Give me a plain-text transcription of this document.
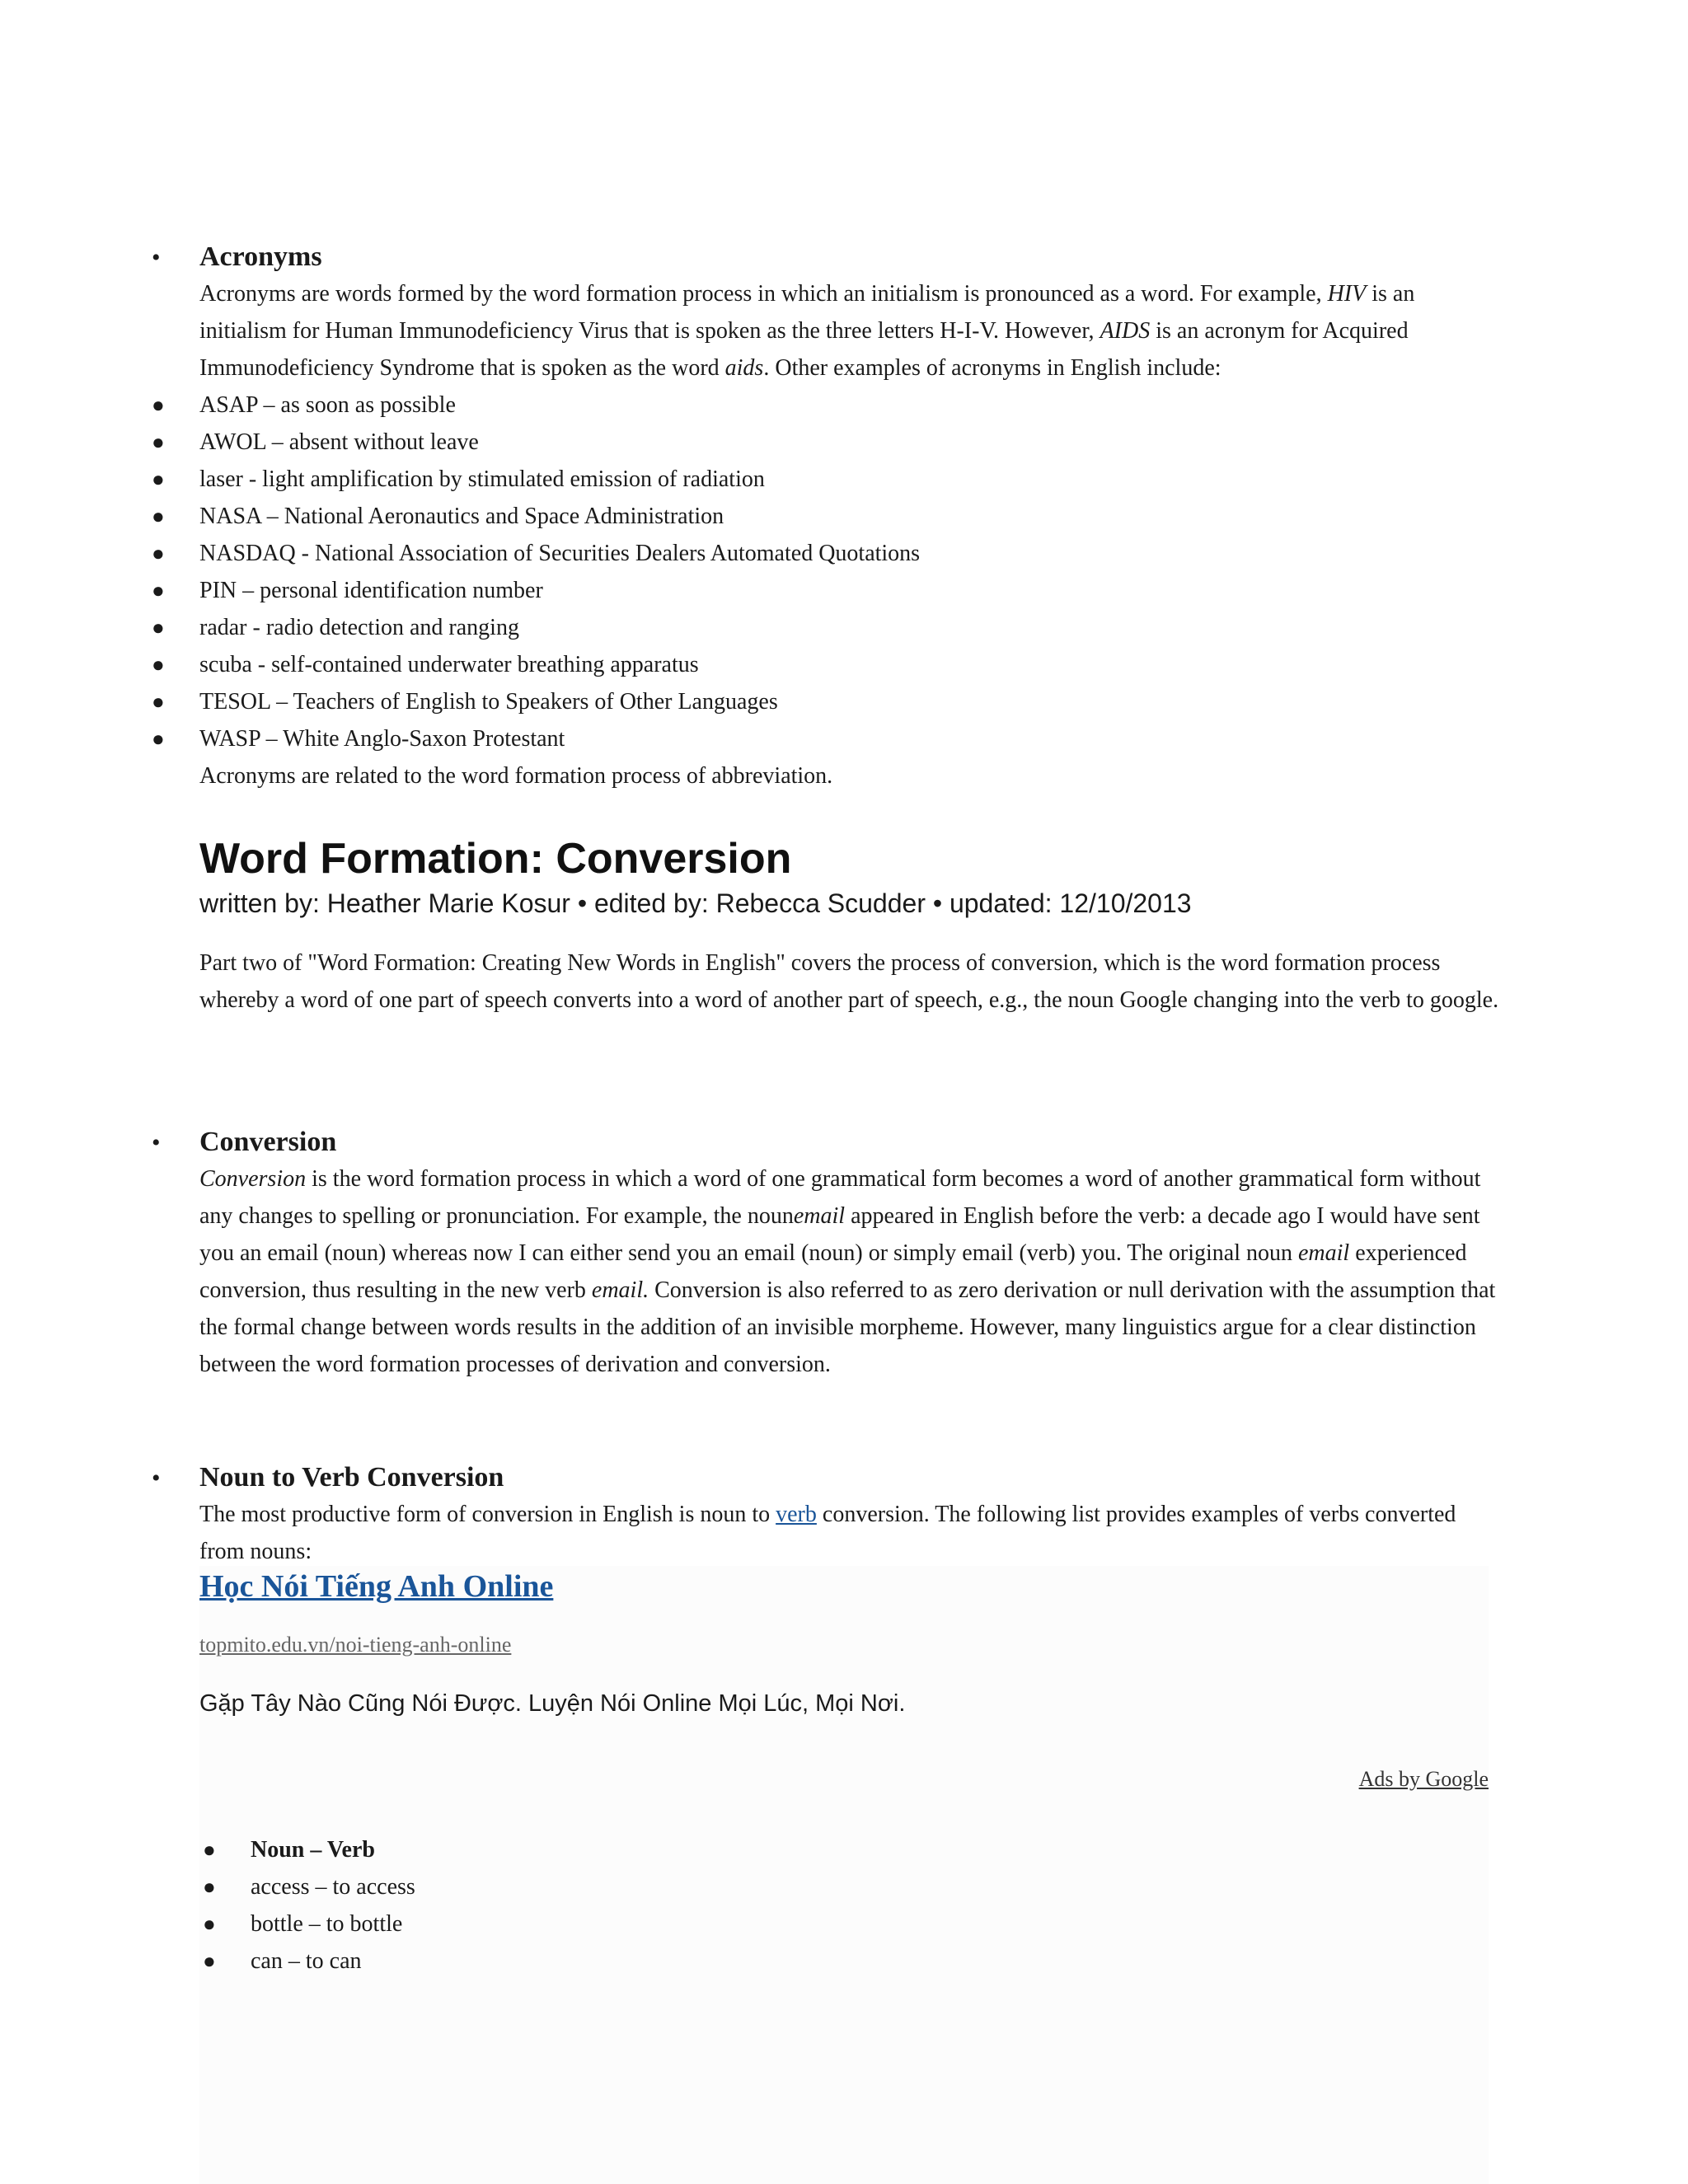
• Acronyms

Acronyms are words formed by the word formation process in which an initialism is pronounced as a word. For example, HIV is an initialism for Human Immunodeficiency Virus that is spoken as the three letters H-I-V. However, AIDS is an acronym for Acquired Immunodeficiency Syndrome that is spoken as the word aids. Other examples of acronyms in English include:

● ASAP – as soon as possible
● AWOL – absent without leave
● laser - light amplification by stimulated emission of radiation
● NASA – National Aeronautics and Space Administration
● NASDAQ - National Association of Securities Dealers Automated Quotations
● PIN – personal identification number
● radar - radio detection and ranging
● scuba - self-contained underwater breathing apparatus
● TESOL – Teachers of English to Speakers of Other Languages
● WASP – White Anglo-Saxon Protestant

Acronyms are related to the word formation process of abbreviation.

Word Formation: Conversion
written by: Heather Marie Kosur • edited by: Rebecca Scudder • updated: 12/10/2013

Part two of "Word Formation: Creating New Words in English" covers the process of conversion, which is the word formation process whereby a word of one part of speech converts into a word of another part of speech, e.g., the noun Google changing into the verb to google.

• Conversion

Conversion is the word formation process in which a word of one grammatical form becomes a word of another grammatical form without any changes to spelling or pronunciation. For example, the nounemail appeared in English before the verb: a decade ago I would have sent you an email (noun) whereas now I can either send you an email (noun) or simply email (verb) you. The original noun email experienced conversion, thus resulting in the new verb email. Conversion is also referred to as zero derivation or null derivation with the assumption that the formal change between words results in the addition of an invisible morpheme. However, many linguistics argue for a clear distinction between the word formation processes of derivation and conversion.

• Noun to Verb Conversion

The most productive form of conversion in English is noun to verb conversion. The following list provides examples of verbs converted from nouns:

Học Nói Tiếng Anh Online
topmito.edu.vn/noi-tieng-anh-online
Gặp Tây Nào Cũng Nói Được. Luyện Nói Online Mọi Lúc, Mọi Nơi.
Ads by Google
● Noun – Verb
● access – to access
● bottle – to bottle
● can – to can
